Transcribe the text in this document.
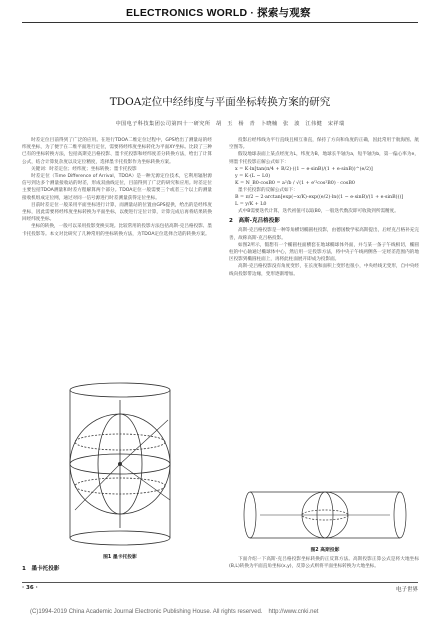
ELECTRONICS WORLD · 探索与观察
TDOA定位中经纬度与平面坐标转换方案的研究
中国电子科技集团公司第四十一研究所　胡　玉　杨　青　卜晓楠　张　波　江伟健　宋祥瑞

时差定位目前得到了广泛的应用。在进行TDOA二维定位过程中，GPS给出了测量站的经纬度坐标，为了便于在二维平面进行定位，需要将经纬度坐标转化为平面XY坐标。比较了三种已有的坐标转换方法，包括高斯克吕格投影、墨卡托投影和经纬度差分转换方法，给出了计算公式，结合计算复杂度以及定位精度，选择墨卡托投影作为坐标转换方案。

关键词：时差定位；经纬度；坐标转换；墨卡托投影

时差定位（Time Difference of Arrival，TDOA）是一种无源定位技术，它利用辐射源信号到达多个测量接收站的时差，形成双曲线定位，目前得到了广泛的研究和应用。时差定位主要包括TDOA测量和时差方程解算两个部分。TDOA定位一般需要三个或者三个以上的测量接收机组成定位网，通过对同一信号源进行时差测量获得定位坐标。

目前时差定位一般采用平面坐标进行计算，而测量站的位置由GPS提供，给出的是经纬度坐标，因此需要将经纬度坐标转换为平面坐标，以便进行定位计算，计算完成后再将结果转换回经纬度坐标。

坐标的转换，一般可以采用投影变换实现。比较常用的投影方法包括高斯-克吕格投影、墨卡托投影等。本文对比研究了几种常用的坐标转换方法，为TDOA定位选择合适的转换方案。

图1 墨卡托投影

1　墨卡托投影

投影后经纬线为平行直线且相互垂直，保持了方向和角度的正确，因此常用于航海图、航空图等。

假设地球表面上某点经度为L，纬度为B，地球长半轴为a，短半轴为b，第一偏心率为e，则墨卡托投影正解公式如下：

x = K·ln[tan(π/4 + B/2)·((1 − e·sinB)/(1 + e·sinB))^(e/2)]
y = K·(L − L0)
K = N_B0·cosB0 = a²/b / √(1 + e'²cos²B0) · cosB0

墨卡托投影的反解公式如下：

B = π/2 − 2·arctan[exp(−x/K)·exp((e/2)·ln((1 − e·sinB)/(1 + e·sinB)))]
L = y/K + L0

式中B需要迭代计算，迭代初值可以取B0，一般迭代数次即可收敛到所需精度。

2　高斯-克吕格投影

高斯-克吕格投影是一种等角横切椭圆柱投影，由德国数学家高斯提出，后经克吕格补充完善，故称高斯-克吕格投影。

如图2所示，假想有一个椭圆柱面横套在地球椭球体外面，并与某一条子午线相切，椭圆柱的中心轴通过椭球体中心，然后用一定投影方法，将中央子午线两侧各一定经差范围内的地区投影到椭圆柱面上，再将此柱面展开即成为投影面。

高斯-克吕格投影没有角度变形，在长度和面积上变形也很小，中央经线无变形，自中央经线向投影带边缘，变形逐渐增加。

图2 高斯投影

下面介绍一下高斯-克吕格投影坐标转换的正反算方法。高斯投影正算公式是将大地坐标(B,L)转换为平面直角坐标(x,y)，反算公式则将平面坐标转换为大地坐标。

· 36 ·	电子世界
(C)1994-2019 China Academic Journal Electronic Publishing House. All rights reserved.　http://www.cnki.net
